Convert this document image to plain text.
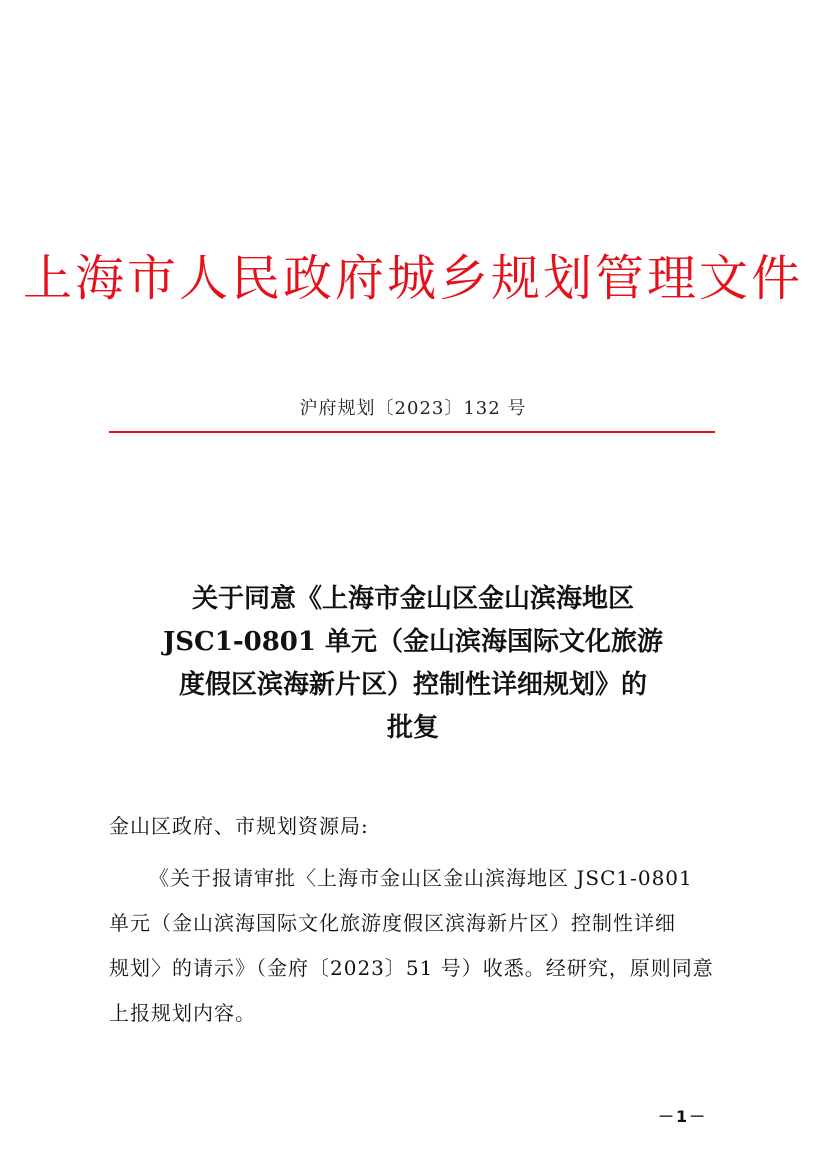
上海市人民政府城乡规划管理文件
沪府规划〔2023〕132 号
关于同意《上海市金山区金山滨海地区
JSC1-0801 单元（金山滨海国际文化旅游
度假区滨海新片区）控制性详细规划》的
批复
金山区政府、市规划资源局:
《关于报请审批〈上海市金山区金山滨海地区 JSC1-0801
单元（金山滨海国际文化旅游度假区滨海新片区）控制性详细
规划〉的请示》（金府〔2023〕51 号）收悉。经研究，原则同意
上报规划内容。
－1－
